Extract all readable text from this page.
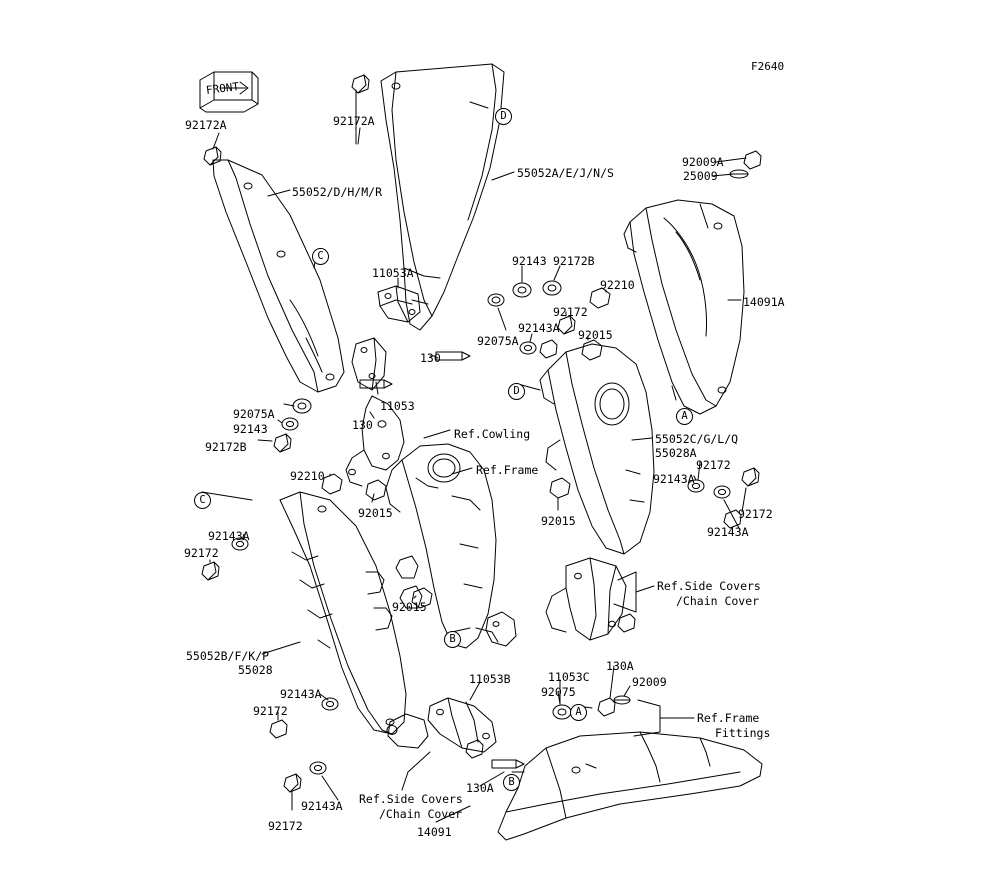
F2640
FRONT
92172A	92172A
55052/D/H/M/R
55052A/E/J/N/S
92009A
25009
14091A
11053A
92143 92172B
92210
92172
92075A
92143A 92015
130
92075A
92143
92172B
11053
130
Ref.Cowling
Ref.Frame
55052C/G/L/Q
55028A
92172
92143A
92210
92015
92015	92172
92143A
92143A
92172
92015
Ref.Side Covers
/Chain Cover
55052B/F/K/P
55028
11053B	11053C
92075
92009
130A
Ref.Frame
Fittings
92143A
92172
130A
Ref.Side Covers
/Chain Cover
92143A
92172	14091
D
C
D
A
C
B
A
B
